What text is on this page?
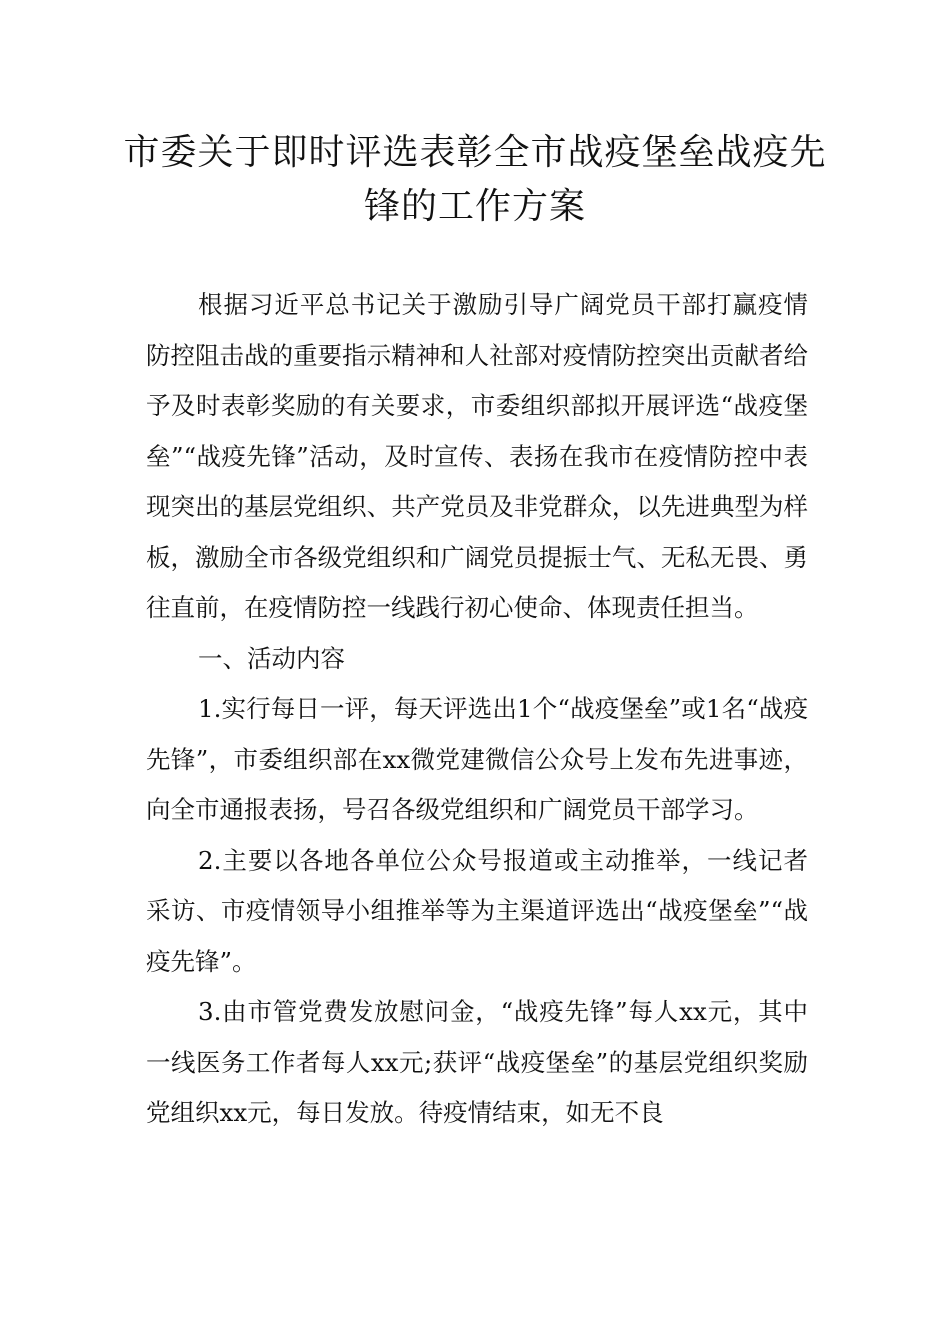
市委关于即时评选表彰全市战疫堡垒战疫先锋的工作方案

根据习近平总书记关于激励引导广阔党员干部打赢疫情防控阻击战的重要指示精神和人社部对疫情防控突出贡献者给予及时表彰奖励的有关要求，市委组织部拟开展评选“战疫堡垒”“战疫先锋”活动，及时宣传、表扬在我市在疫情防控中表现突出的基层党组织、共产党员及非党群众，以先进典型为样板，激励全市各级党组织和广阔党员提振士气、无私无畏、勇往直前，在疫情防控一线践行初心使命、体现责任担当。

一、活动内容

1.实行每日一评，每天评选出1个“战疫堡垒”或1名“战疫先锋”，市委组织部在xx微党建微信公众号上发布先进事迹，向全市通报表扬，号召各级党组织和广阔党员干部学习。

2.主要以各地各单位公众号报道或主动推举，一线记者采访、市疫情领导小组推举等为主渠道评选出“战疫堡垒”“战疫先锋”。

3.由市管党费发放慰问金，“战疫先锋”每人xx元，其中一线医务工作者每人xx元;获评“战疫堡垒”的基层党组织奖励党组织xx元，每日发放。待疫情结束，如无不良
